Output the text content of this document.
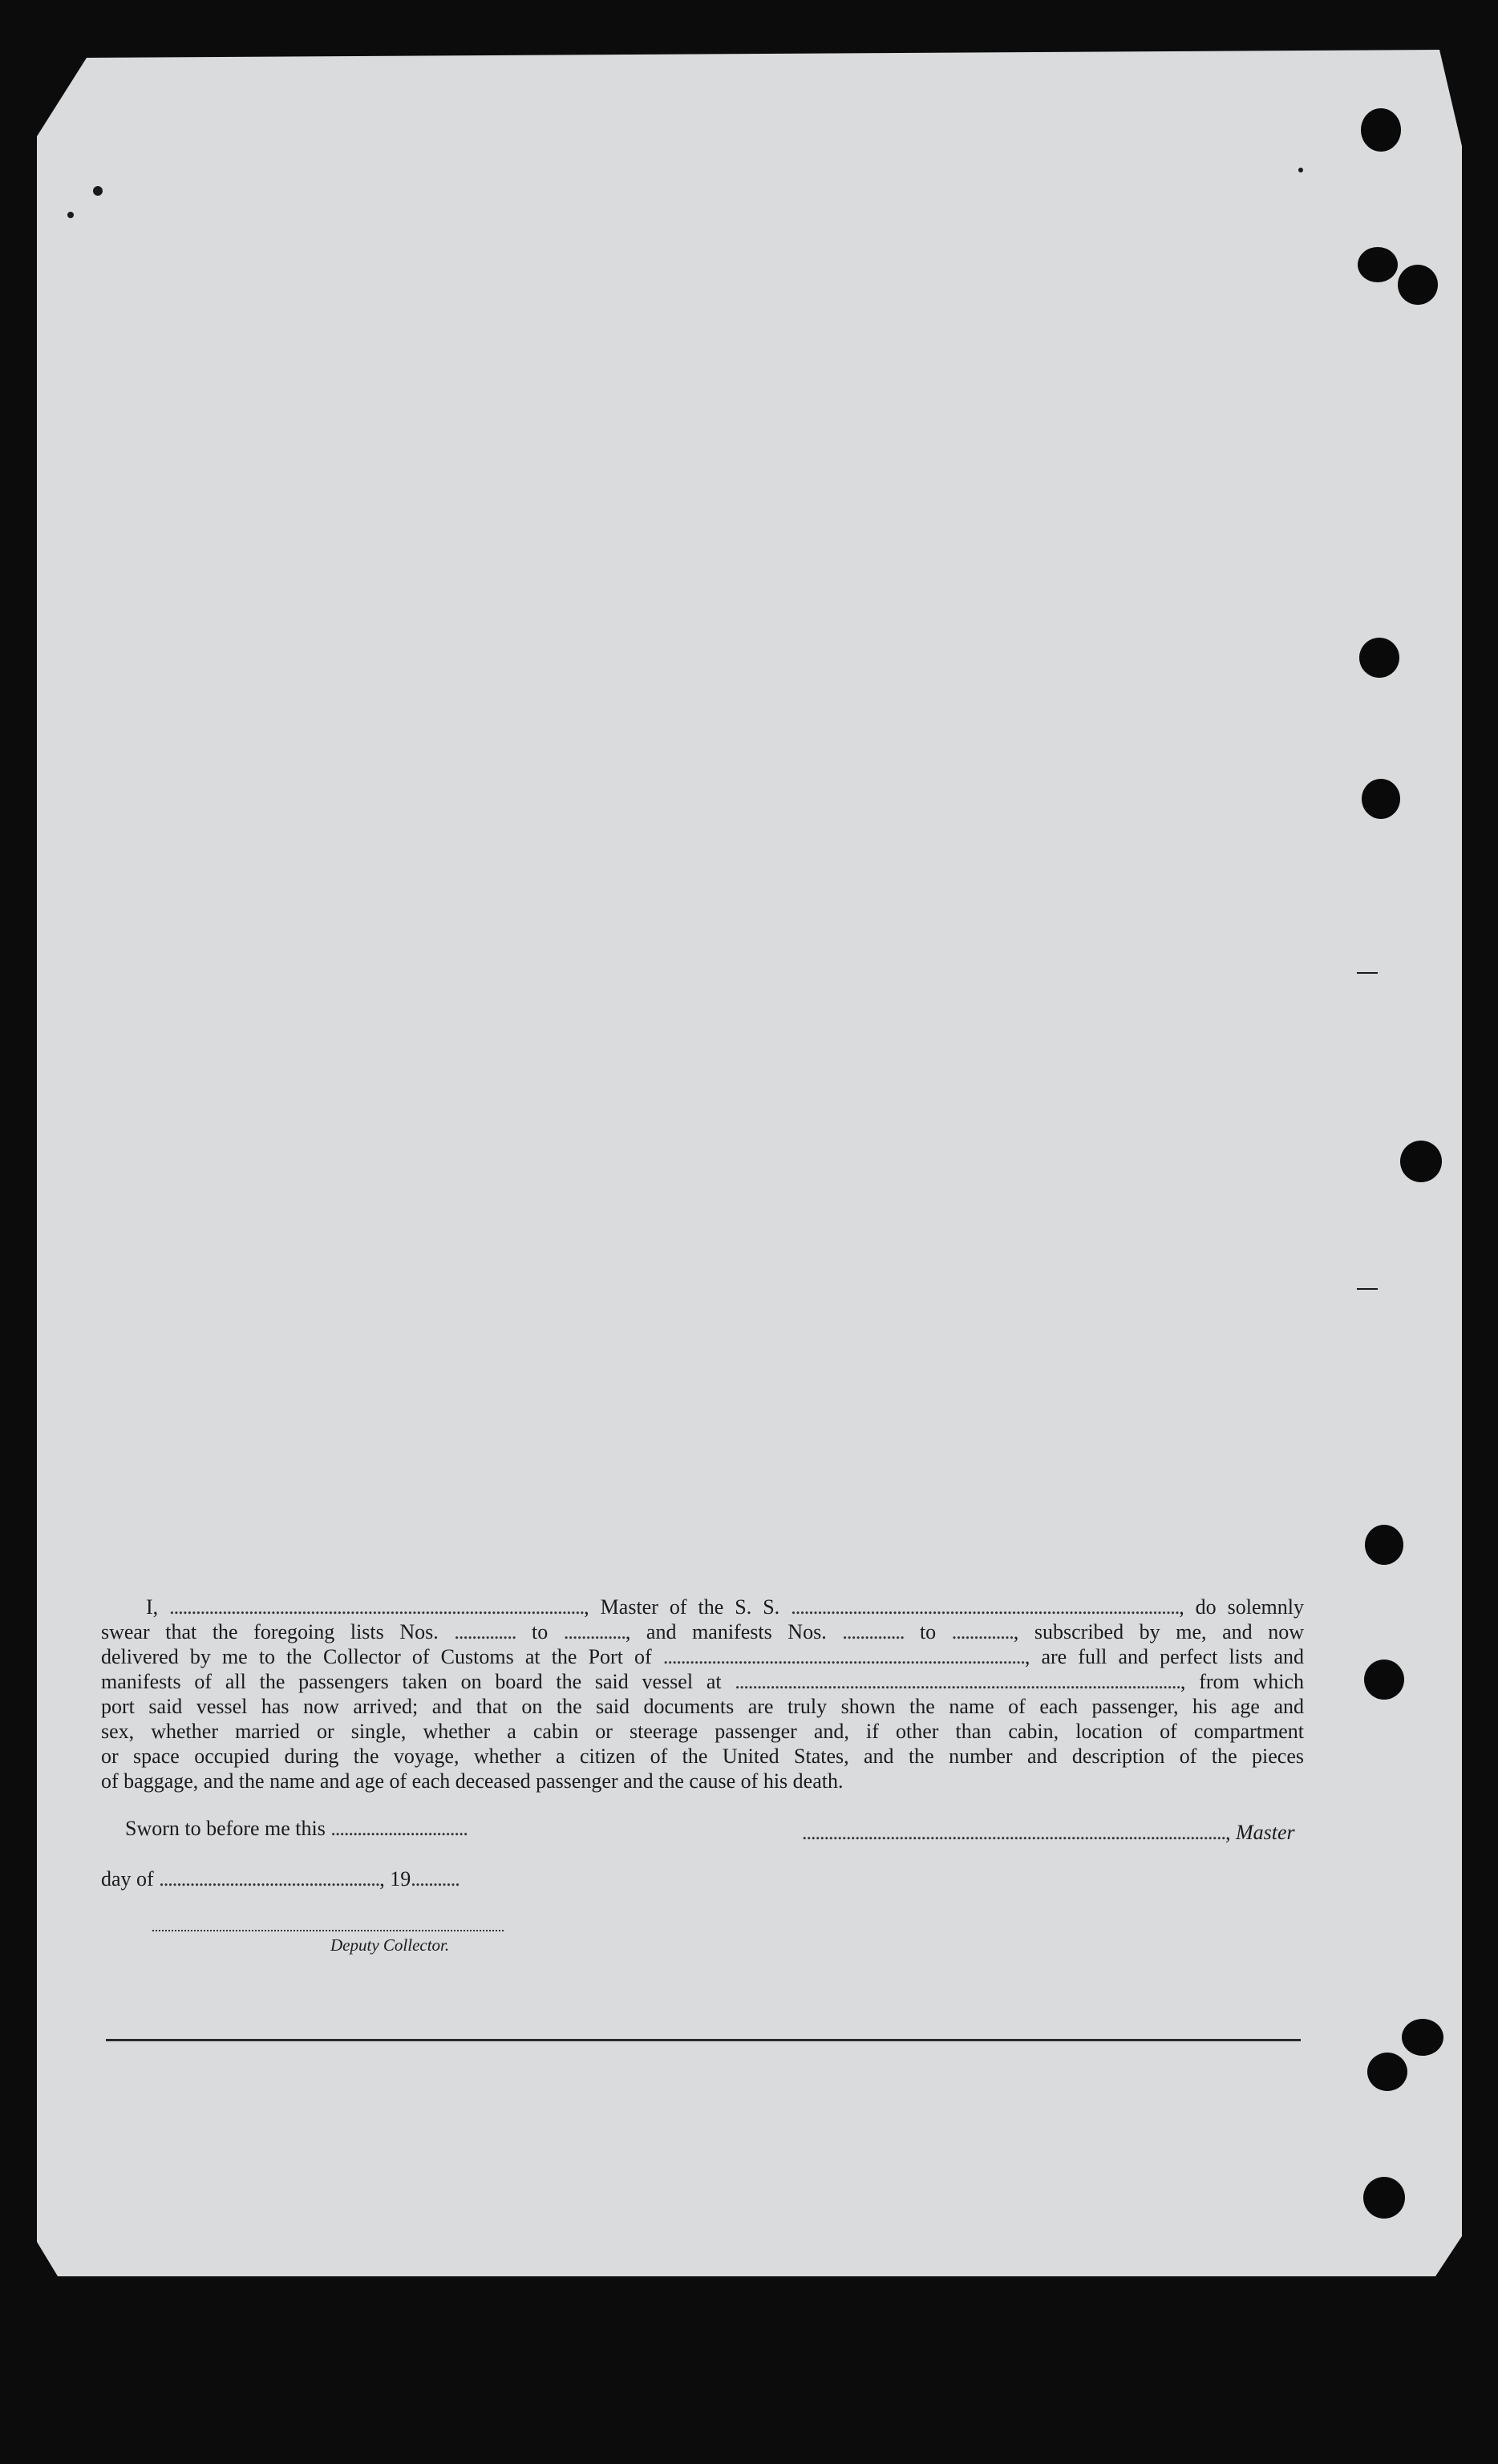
I, .............................................................................................., Master of the S. S. ........................................................................................, do solemnly
swear that the foregoing lists Nos. .............. to .............., and manifests Nos. .............. to .............., subscribed by me, and now
delivered by me to the Collector of Customs at the Port of .................................................................................., are full and perfect lists and
manifests of all the passengers taken on board the said vessel at ....................................................................................................., from which
port said vessel has now arrived; and that on the said documents are truly shown the name of each passenger, his age and
sex, whether married or single, whether a cabin or steerage passenger and, if other than cabin, location of compartment
or space occupied during the voyage, whether a citizen of the United States, and the number and description of the pieces
of baggage, and the name and age of each deceased passenger and the cause of his death.
Sworn to before me this ...............................	................................................................................................, Master
day of .................................................., 19...........
Deputy Collector.
